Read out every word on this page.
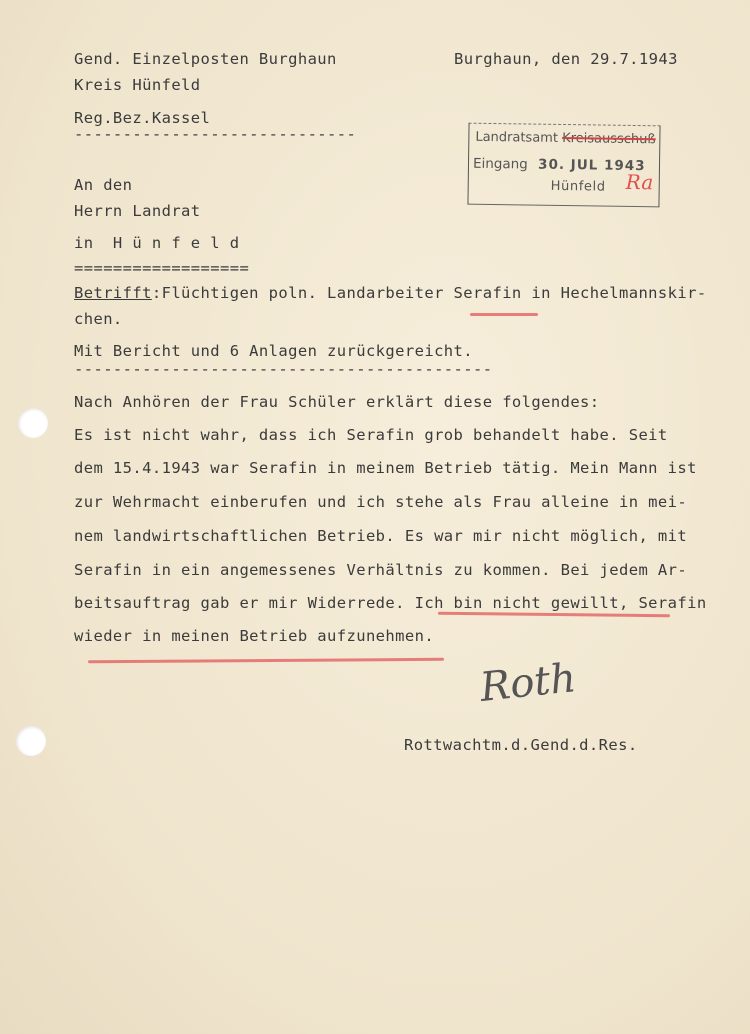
Gend. Einzelposten Burghaun
Kreis Hünfeld
Reg.Bez.Kassel
-----------------------------
Burghaun, den 29.7.1943
Landratsamt Kreisausschuß
Eingang 30. JUL 1943
Hünfeld Ra
An den
Herrn Landrat
in  H ü n f e l d
==================
Betrifft:Flüchtigen poln. Landarbeiter Serafin in Hechelmannskir-
chen.
Mit Bericht und 6 Anlagen zurückgereicht.
-------------------------------------------
Nach Anhören der Frau Schüler erklärt diese folgendes:
Es ist nicht wahr, dass ich Serafin grob behandelt habe. Seit
dem 15.4.1943 war Serafin in meinem Betrieb tätig. Mein Mann ist
zur Wehrmacht einberufen und ich stehe als Frau alleine in mei-
nem landwirtschaftlichen Betrieb. Es war mir nicht möglich, mit
Serafin in ein angemessenes Verhältnis zu kommen. Bei jedem Ar-
beitsauftrag gab er mir Widerrede. Ich bin nicht gewillt, Serafin
wieder in meinen Betrieb aufzunehmen.
Roth
Rottwachtm.d.Gend.d.Res.
